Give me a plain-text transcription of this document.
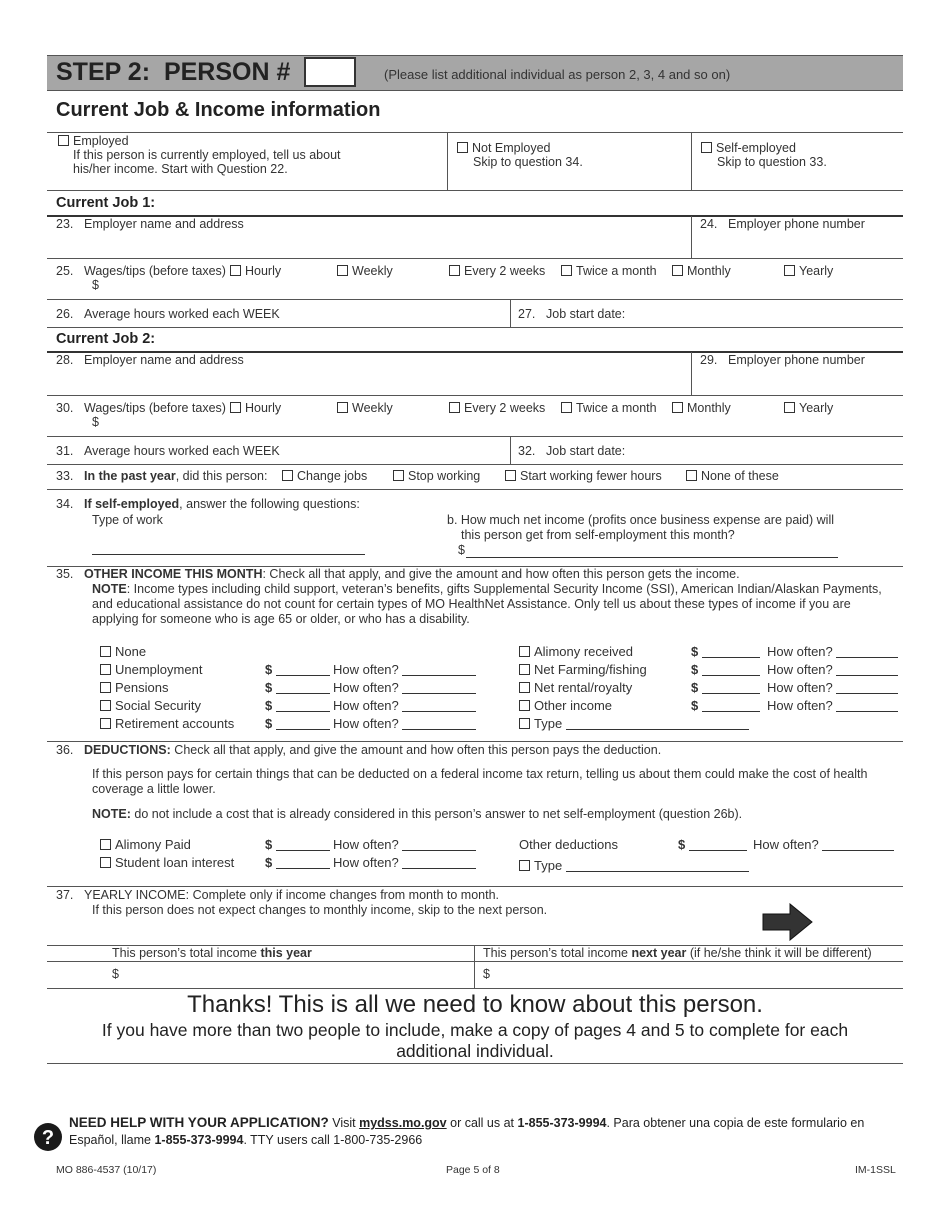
STEP 2: PERSON #	(Please list additional individual as person 2, 3, 4 and so on)
Current Job & Income information
Employed
If this person is currently employed, tell us about his/her income. Start with Question 22.
Not Employed
Skip to question 34.
Self-employed
Skip to question 33.
Current Job 1:
23. Employer name and address	24. Employer phone number
25. Wages/tips (before taxes)
$
Hourly	Weekly	Every 2 weeks	Twice a month	Monthly	Yearly
26. Average hours worked each WEEK	27. Job start date:
Current Job 2:
28. Employer name and address	29. Employer phone number
30. Wages/tips (before taxes)
$
Hourly	Weekly	Every 2 weeks	Twice a month	Monthly	Yearly
31. Average hours worked each WEEK	32. Job start date:
33. In the past year, did this person:	Change jobs	Stop working	Start working fewer hours	None of these
34. If self-employed, answer the following questions:
Type of work	b. How much net income (profits once business expense are paid) will
this person get from self-employment this month?
$
35. OTHER INCOME THIS MONTH: Check all that apply, and give the amount and how often this person gets the income.
NOTE: Income types including child support, veteran’s benefits, gifts Supplemental Security Income (SSI), American Indian/Alaskan Payments, and educational assistance do not count for certain types of MO HealthNet Assistance. Only tell us about these types of income if you are applying for someone who is age 65 or older, or who has a disability.
None
Unemployment	$	How often?
Pensions	$	How often?
Social Security	$	How often?
Retirement accounts $	How often?
Alimony received	$	How often?
Net Farming/fishing	$	How often?
Net rental/royalty	$	How often?
Other income	$	How often?
Type
36. DEDUCTIONS: Check all that apply, and give the amount and how often this person pays the deduction.
If this person pays for certain things that can be deducted on a federal income tax return, telling us about them could make the cost of health coverage a little lower.
NOTE: do not include a cost that is already considered in this person’s answer to net self-employment (question 26b).
Alimony Paid	$	How often?
Student loan interest $	How often?
Other deductions	$	How often?
Type
37. YEARLY INCOME: Complete only if income changes from month to month.
If this person does not expect changes to monthly income, skip to the next person.
This person’s total income this year	This person’s total income next year (if he/she think it will be different)
$	$
Thanks! This is all we need to know about this person.
If you have more than two people to include, make a copy of pages 4 and 5 to complete for each additional individual.
?
NEED HELP WITH YOUR APPLICATION? Visit mydss.mo.gov or call us at 1-855-373-9994. Para obtener una copia de este formulario en Español, llame 1-855-373-9994. TTY users call 1-800-735-2966
MO 886-4537 (10/17)	Page 5 of 8	IM-1SSL
